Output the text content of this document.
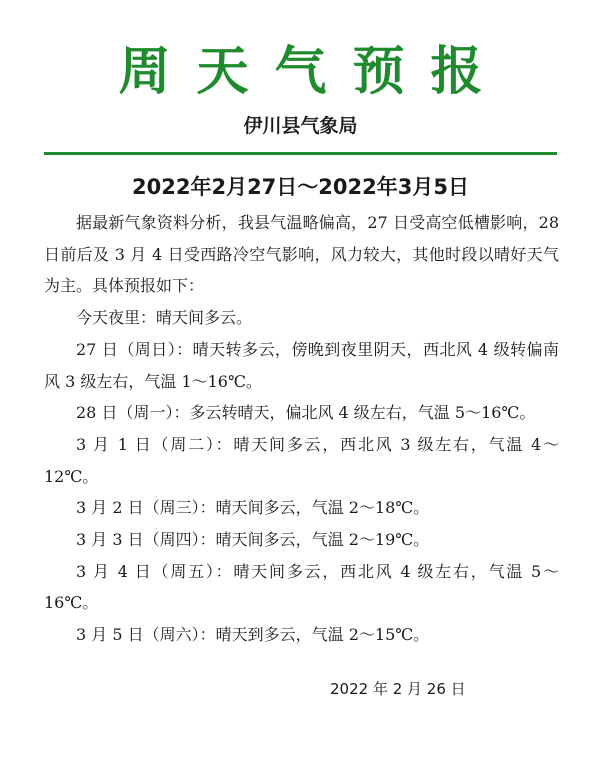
周天气预报
伊川县气象局
2022年2月27日～2022年3月5日

据最新气象资料分析，我县气温略偏高，27 日受高空低槽影响，28 日前后及 3 月 4 日受西路冷空气影响，风力较大，其他时段以晴好天气为主。具体预报如下：

今天夜里：晴天间多云。

27 日（周日）：晴天转多云，傍晚到夜里阴天，西北风 4 级转偏南风 3 级左右，气温 1～16℃。

28 日（周一）：多云转晴天，偏北风 4 级左右，气温 5～16℃。

3 月 1 日（周二）：晴天间多云，西北风 3 级左右，气温 4～12℃。

3 月 2 日（周三）：晴天间多云，气温 2～18℃。

3 月 3 日（周四）：晴天间多云，气温 2～19℃。

3 月 4 日（周五）：晴天间多云，西北风 4 级左右，气温 5～16℃。

3 月 5 日（周六）：晴天到多云，气温 2～15℃。

2022 年 2 月 26 日
